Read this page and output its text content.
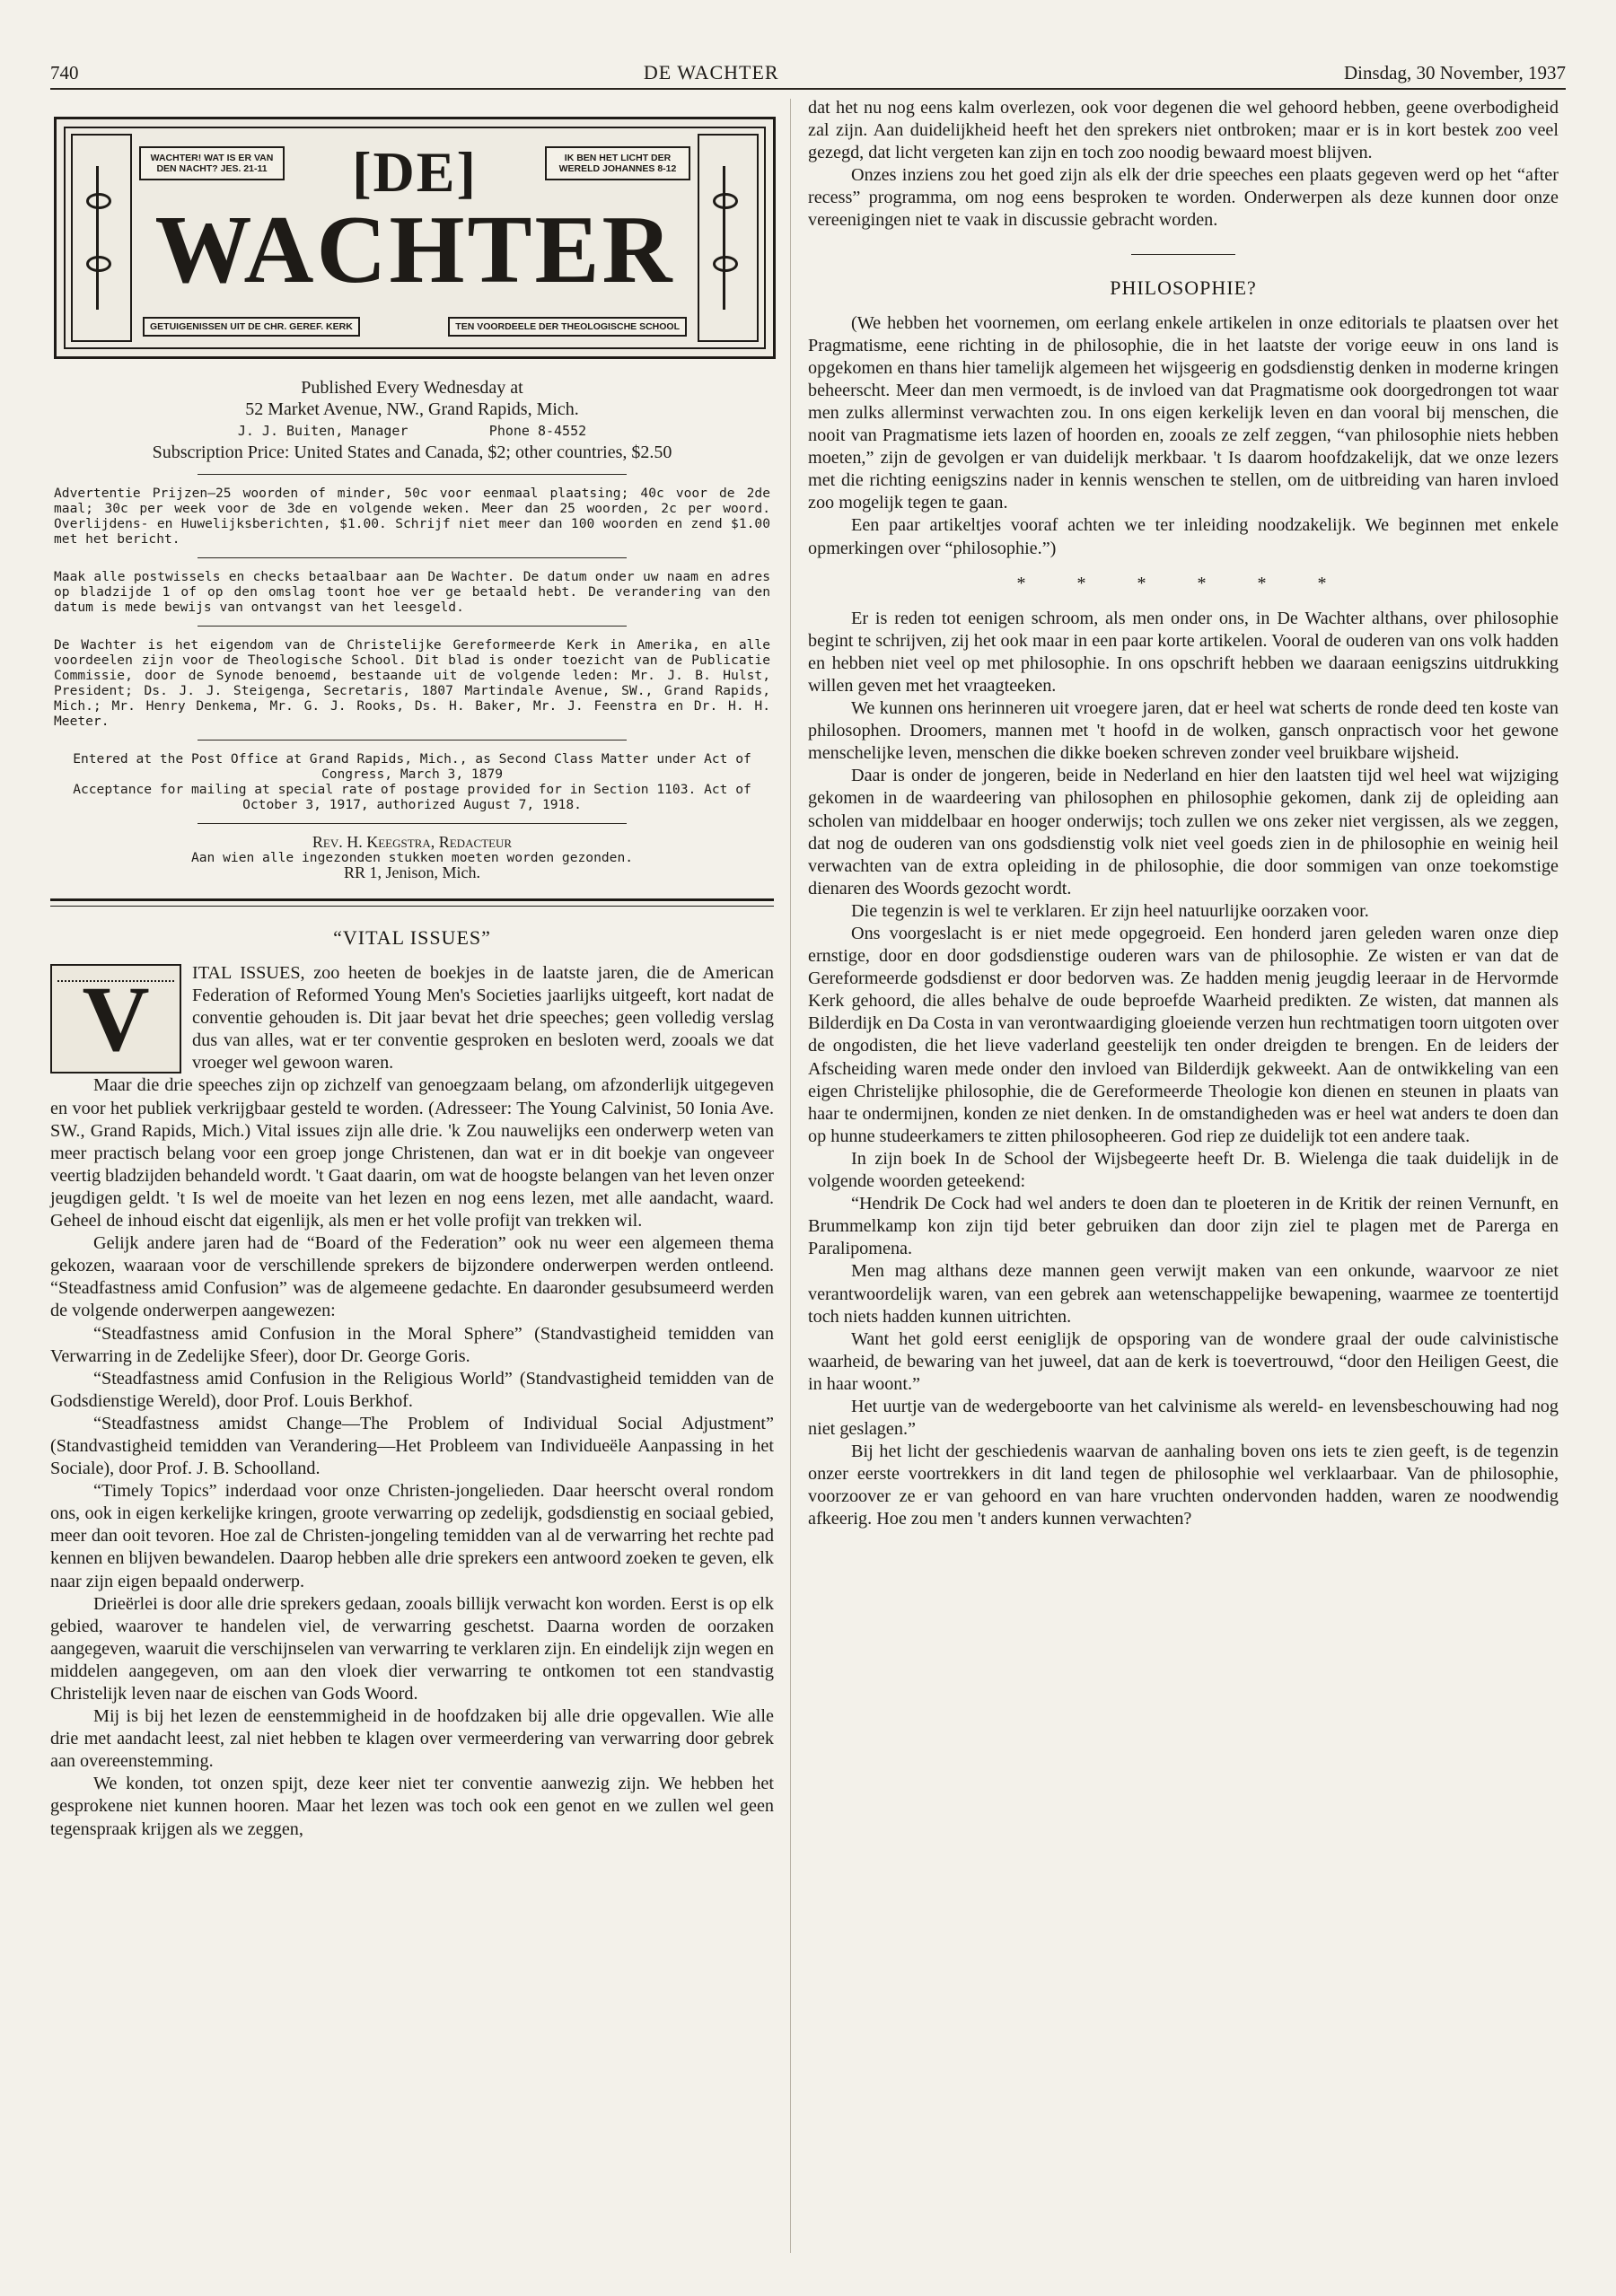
740	DE WACHTER	Dinsdag, 30 November, 1937
WACHTER! WAT IS ER VAN DEN NACHT? JES. 21-11
IK BEN HET LICHT DER WERELD JOHANNES 8-12
[DE]
WACHTER
GETUIGENISSEN UIT DE CHR. GEREF. KERK	TEN VOORDEELE DER THEOLOGISCHE SCHOOL
Published Every Wednesday at
52 Market Avenue, NW., Grand Rapids, Mich.
J. J. Buiten, Manager          Phone 8-4552
Subscription Price: United States and Canada, $2; other countries, $2.50

Advertentie Prijzen—25 woorden of minder, 50c voor eenmaal plaatsing; 40c voor de 2de maal; 30c per week voor de 3de en volgende weken. Meer dan 25 woorden, 2c per woord. Overlijdens- en Huwelijksberichten, $1.00. Schrijf niet meer dan 100 woorden en zend $1.00 met het bericht.

Maak alle postwissels en checks betaalbaar aan De Wachter. De datum onder uw naam en adres op bladzijde 1 of op den omslag toont hoe ver ge betaald hebt. De verandering van den datum is mede bewijs van ontvangst van het leesgeld.

De Wachter is het eigendom van de Christelijke Gereformeerde Kerk in Amerika, en alle voordeelen zijn voor de Theologische School. Dit blad is onder toezicht van de Publicatie Commissie, door de Synode benoemd, bestaande uit de volgende leden: Mr. J. B. Hulst, President; Ds. J. J. Steigenga, Secretaris, 1807 Martindale Avenue, SW., Grand Rapids, Mich.; Mr. Henry Denkema, Mr. G. J. Rooks, Ds. H. Baker, Mr. J. Feenstra en Dr. H. H. Meeter.

Entered at the Post Office at Grand Rapids, Mich., as Second Class Matter under Act of Congress, March 3, 1879

Acceptance for mailing at special rate of postage provided for in Section 1103. Act of October 3, 1917, authorized August 7, 1918.

Rev. H. Keegstra, Redacteur

Aan wien alle ingezonden stukken moeten worden gezonden.

RR 1, Jenison, Mich.

“VITAL ISSUES”
V	ITAL ISSUES, zoo heeten de boekjes in de laatste jaren, die de American Federation of Reformed Young Men's Societies jaarlijks uitgeeft, kort nadat de conventie gehouden is. Dit jaar bevat het drie speeches; geen volledig verslag dus van alles, wat er ter conventie gesproken en besloten werd, zooals we dat vroeger wel gewoon waren.

Maar die drie speeches zijn op zichzelf van genoegzaam belang, om afzonderlijk uitgegeven en voor het publiek verkrijgbaar gesteld te worden. (Adresseer: The Young Calvinist, 50 Ionia Ave. SW., Grand Rapids, Mich.) Vital issues zijn alle drie. 'k Zou nauwelijks een onderwerp weten van meer practisch belang voor een groep jonge Christenen, dan wat er in dit boekje van ongeveer veertig bladzijden behandeld wordt. 't Gaat daarin, om wat de hoogste belangen van het leven onzer jeugdigen geldt. 't Is wel de moeite van het lezen en nog eens lezen, met alle aandacht, waard. Geheel de inhoud eischt dat eigenlijk, als men er het volle profijt van trekken wil.

Gelijk andere jaren had de “Board of the Federation” ook nu weer een algemeen thema gekozen, waaraan voor de verschillende sprekers de bijzondere onderwerpen werden ontleend. “Steadfastness amid Confusion” was de algemeene gedachte. En daaronder gesubsumeerd werden de volgende onderwerpen aangewezen:

“Steadfastness amid Confusion in the Moral Sphere” (Standvastigheid temidden van Verwarring in de Zedelijke Sfeer), door Dr. George Goris.

“Steadfastness amid Confusion in the Religious World” (Standvastigheid temidden van de Godsdienstige Wereld), door Prof. Louis Berkhof.

“Steadfastness amidst Change—The Problem of Individual Social Adjustment” (Standvastigheid temidden van Verandering—Het Probleem van Individueële Aanpassing in het Sociale), door Prof. J. B. Schoolland.

“Timely Topics” inderdaad voor onze Christen-jongelieden. Daar heerscht overal rondom ons, ook in eigen kerkelijke kringen, groote verwarring op zedelijk, godsdienstig en sociaal gebied, meer dan ooit tevoren. Hoe zal de Christen-jongeling temidden van al de verwarring het rechte pad kennen en blijven bewandelen. Daarop hebben alle drie sprekers een antwoord zoeken te geven, elk naar zijn eigen bepaald onderwerp.

Drieërlei is door alle drie sprekers gedaan, zooals billijk verwacht kon worden. Eerst is op elk gebied, waarover te handelen viel, de verwarring geschetst. Daarna worden de oorzaken aangegeven, waaruit die verschijnselen van verwarring te verklaren zijn. En eindelijk zijn wegen en middelen aangegeven, om aan den vloek dier verwarring te ontkomen tot een standvastig Christelijk leven naar de eischen van Gods Woord.

Mij is bij het lezen de eenstemmigheid in de hoofdzaken bij alle drie opgevallen. Wie alle drie met aandacht leest, zal niet hebben te klagen over vermeerdering van verwarring door gebrek aan overeenstemming.

We konden, tot onzen spijt, deze keer niet ter conventie aanwezig zijn. We hebben het gesprokene niet kunnen hooren. Maar het lezen was toch ook een genot en we zullen wel geen tegenspraak krijgen als we zeggen,

dat het nu nog eens kalm overlezen, ook voor degenen die wel gehoord hebben, geene overbodigheid zal zijn. Aan duidelijkheid heeft het den sprekers niet ontbroken; maar er is in kort bestek zoo veel gezegd, dat licht vergeten kan zijn en toch zoo noodig bewaard moest blijven.

Onzes inziens zou het goed zijn als elk der drie speeches een plaats gegeven werd op het “after recess” programma, om nog eens besproken te worden. Onderwerpen als deze kunnen door onze vereenigingen niet te vaak in discussie gebracht worden.

PHILOSOPHIE?

(We hebben het voornemen, om eerlang enkele artikelen in onze editorials te plaatsen over het Pragmatisme, eene richting in de philosophie, die in het laatste der vorige eeuw in ons land is opgekomen en thans hier tamelijk algemeen het wijsgeerig en godsdienstig denken in moderne kringen beheerscht. Meer dan men vermoedt, is de invloed van dat Pragmatisme ook doorgedrongen tot waar men zulks allerminst verwachten zou. In ons eigen kerkelijk leven en dan vooral bij menschen, die nooit van Pragmatisme iets lazen of hoorden en, zooals ze zelf zeggen, “van philosophie niets hebben moeten,” zijn de gevolgen er van duidelijk merkbaar. 't Is daarom hoofdzakelijk, dat we onze lezers met die richting eenigszins nader in kennis wenschen te stellen, om de uitbreiding van haren invloed zoo mogelijk tegen te gaan.

Een paar artikeltjes vooraf achten we ter inleiding noodzakelijk. We beginnen met enkele opmerkingen over “philosophie.”)

* * * * * *

Er is reden tot eenigen schroom, als men onder ons, in De Wachter althans, over philosophie begint te schrijven, zij het ook maar in een paar korte artikelen. Vooral de ouderen van ons volk hadden en hebben niet veel op met philosophie. In ons opschrift hebben we daaraan eenigszins uitdrukking willen geven met het vraagteeken.

We kunnen ons herinneren uit vroegere jaren, dat er heel wat scherts de ronde deed ten koste van philosophen. Droomers, mannen met 't hoofd in de wolken, gansch onpractisch voor het gewone menschelijke leven, menschen die dikke boeken schreven zonder veel bruikbare wijsheid.

Daar is onder de jongeren, beide in Nederland en hier den laatsten tijd wel heel wat wijziging gekomen in de waardeering van philosophen en philosophie gekomen, dank zij de opleiding aan scholen van middelbaar en hooger onderwijs; toch zullen we ons zeker niet vergissen, als we zeggen, dat nog de ouderen van ons godsdienstig volk niet veel goeds zien in de philosophie en weinig heil verwachten van de extra opleiding in de philosophie, die door sommigen van onze toekomstige dienaren des Woords gezocht wordt.

Die tegenzin is wel te verklaren. Er zijn heel natuurlijke oorzaken voor.

Ons voorgeslacht is er niet mede opgegroeid. Een honderd jaren geleden waren onze diep ernstige, door en door godsdienstige ouderen wars van de philosophie. Ze wisten er van dat de Gereformeerde godsdienst er door bedorven was. Ze hadden menig jeugdig leeraar in de Hervormde Kerk gehoord, die alles behalve de oude beproefde Waarheid predikten. Ze wisten, dat mannen als Bilderdijk en Da Costa in van verontwaardiging gloeiende verzen hun rechtmatigen toorn uitgoten over de ongodisten, die het lieve vaderland geestelijk ten onder dreigden te brengen. En de leiders der Afscheiding waren mede onder den invloed van Bilderdijk gekweekt. Aan de ontwikkeling van een eigen Christelijke philosophie, die de Gereformeerde Theologie kon dienen en steunen in plaats van haar te ondermijnen, konden ze niet denken. In de omstandigheden was er heel wat anders te doen dan op hunne studeerkamers te zitten philosopheeren. God riep ze duidelijk tot een andere taak.

In zijn boek In de School der Wijsbegeerte heeft Dr. B. Wielenga die taak duidelijk in de volgende woorden geteekend:

“Hendrik De Cock had wel anders te doen dan te ploeteren in de Kritik der reinen Vernunft, en Brummelkamp kon zijn tijd beter gebruiken dan door zijn ziel te plagen met de Parerga en Paralipomena.

Men mag althans deze mannen geen verwijt maken van een onkunde, waarvoor ze niet verantwoordelijk waren, van een gebrek aan wetenschappelijke bewapening, waarmee ze toentertijd toch niets hadden kunnen uitrichten.

Want het gold eerst eeniglijk de opsporing van de wondere graal der oude calvinistische waarheid, de bewaring van het juweel, dat aan de kerk is toevertrouwd, “door den Heiligen Geest, die in haar woont.”

Het uurtje van de wedergeboorte van het calvinisme als wereld- en levensbeschouwing had nog niet geslagen.”

Bij het licht der geschiedenis waarvan de aanhaling boven ons iets te zien geeft, is de tegenzin onzer eerste voortrekkers in dit land tegen de philosophie wel verklaarbaar. Van de philosophie, voorzoover ze er van gehoord en van hare vruchten ondervonden hadden, waren ze noodwendig afkeerig. Hoe zou men 't anders kunnen verwachten?
